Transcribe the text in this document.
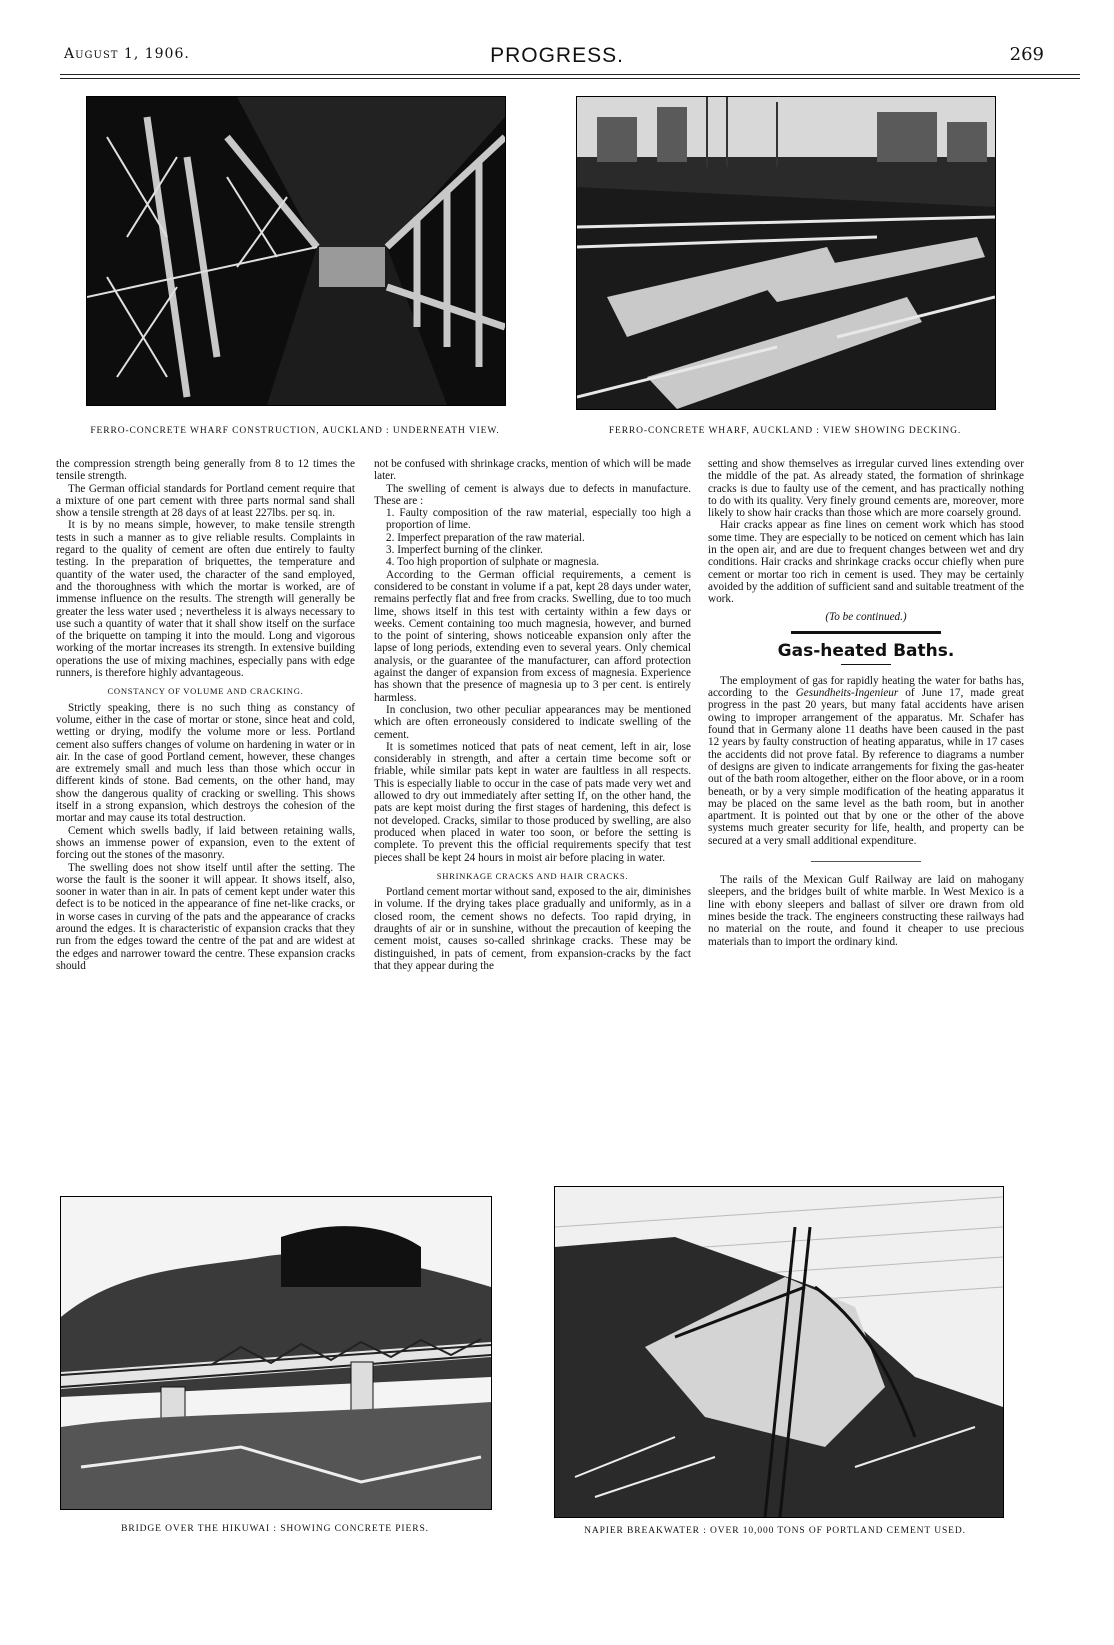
August 1, 1906.	PROGRESS.	269
FERRO-CONCRETE WHARF CONSTRUCTION, AUCKLAND : UNDERNEATH VIEW.	FERRO-CONCRETE WHARF, AUCKLAND : VIEW SHOWING DECKING.

the compression strength being generally from 8 to 12 times the tensile strength.

The German official standards for Portland cement require that a mixture of one part cement with three parts normal sand shall show a tensile strength at 28 days of at least 227lbs. per sq. in.

It is by no means simple, however, to make tensile strength tests in such a manner as to give reliable results. Complaints in regard to the quality of cement are often due entirely to faulty testing. In the preparation of briquettes, the temperature and quantity of the water used, the character of the sand employed, and the thoroughness with which the mortar is worked, are of immense influence on the results. The strength will generally be greater the less water used ; nevertheless it is always necessary to use such a quantity of water that it shall show itself on the surface of the briquette on tamping it into the mould. Long and vigorous working of the mortar increases its strength. In extensive building operations the use of mixing machines, especially pans with edge runners, is therefore highly advantageous.

CONSTANCY OF VOLUME AND CRACKING.

Strictly speaking, there is no such thing as constancy of volume, either in the case of mortar or stone, since heat and cold, wetting or drying, modify the volume more or less. Portland cement also suffers changes of volume on hardening in water or in air. In the case of good Portland cement, however, these changes are extremely small and much less than those which occur in different kinds of stone. Bad cements, on the other hand, may show the dangerous quality of cracking or swelling. This shows itself in a strong expansion, which destroys the cohesion of the mortar and may cause its total destruction.

Cement which swells badly, if laid between retaining walls, shows an immense power of expansion, even to the extent of forcing out the stones of the masonry.

The swelling does not show itself until after the setting. The worse the fault is the sooner it will appear. It shows itself, also, sooner in water than in air. In pats of cement kept under water this defect is to be noticed in the appearance of fine net-like cracks, or in worse cases in curving of the pats and the appearance of cracks around the edges. It is characteristic of expansion cracks that they run from the edges toward the centre of the pat and are widest at the edges and narrower toward the centre. These expansion cracks should

not be confused with shrinkage cracks, mention of which will be made later.

The swelling of cement is always due to defects in manufacture. These are :

1. Faulty composition of the raw material, especially too high a proportion of lime.

2. Imperfect preparation of the raw material.

3. Imperfect burning of the clinker.

4. Too high proportion of sulphate or magnesia.

According to the German official requirements, a cement is considered to be constant in volume if a pat, kept 28 days under water, remains perfectly flat and free from cracks. Swelling, due to too much lime, shows itself in this test with certainty within a few days or weeks. Cement containing too much magnesia, however, and burned to the point of sintering, shows noticeable expansion only after the lapse of long periods, extending even to several years. Only chemical analysis, or the guarantee of the manufacturer, can afford protection against the danger of expansion from excess of magnesia. Experience has shown that the presence of magnesia up to 3 per cent. is entirely harmless.

In conclusion, two other peculiar appearances may be mentioned which are often erroneously considered to indicate swelling of the cement.

It is sometimes noticed that pats of neat cement, left in air, lose considerably in strength, and after a certain time become soft or friable, while similar pats kept in water are faultless in all respects. This is especially liable to occur in the case of pats made very wet and allowed to dry out immediately after setting If, on the other hand, the pats are kept moist during the first stages of hardening, this defect is not developed. Cracks, similar to those produced by swelling, are also produced when placed in water too soon, or before the setting is complete. To prevent this the official requirements specify that test pieces shall be kept 24 hours in moist air before placing in water.

SHRINKAGE CRACKS AND HAIR CRACKS.

Portland cement mortar without sand, exposed to the air, diminishes in volume. If the drying takes place gradually and uniformly, as in a closed room, the cement shows no defects. Too rapid drying, in draughts of air or in sunshine, without the precaution of keeping the cement moist, causes so-called shrinkage cracks. These may be distinguished, in pats of cement, from expansion-cracks by the fact that they appear during the

setting and show themselves as irregular curved lines extending over the middle of the pat. As already stated, the formation of shrinkage cracks is due to faulty use of the cement, and has practically nothing to do with its quality. Very finely ground cements are, moreover, more likely to show hair cracks than those which are more coarsely ground.

Hair cracks appear as fine lines on cement work which has stood some time. They are especially to be noticed on cement which has lain in the open air, and are due to frequent changes between wet and dry conditions. Hair cracks and shrinkage cracks occur chiefly when pure cement or mortar too rich in cement is used. They may be certainly avoided by the addition of sufficient sand and suitable treatment of the work.

(To be continued.)

Gas-heated Baths.

The employment of gas for rapidly heating the water for baths has, according to the Gesundheits-Ingenieur of June 17, made great progress in the past 20 years, but many fatal accidents have arisen owing to improper arrangement of the apparatus. Mr. Schafer has found that in Germany alone 11 deaths have been caused in the past 12 years by faulty construction of heating apparatus, while in 17 cases the accidents did not prove fatal. By reference to diagrams a number of designs are given to indicate arrangements for fixing the gas-heater out of the bath room altogether, either on the floor above, or in a room beneath, or by a very simple modification of the heating apparatus it may be placed on the same level as the bath room, but in another apartment. It is pointed out that by one or the other of the above systems much greater security for life, health, and property can be secured at a very small additional expenditure.

The rails of the Mexican Gulf Railway are laid on mahogany sleepers, and the bridges built of white marble. In West Mexico is a line with ebony sleepers and ballast of silver ore drawn from old mines beside the track. The engineers constructing these railways had no material on the route, and found it cheaper to use precious materials than to import the ordinary kind.

BRIDGE OVER THE HIKUWAI : SHOWING CONCRETE PIERS.	NAPIER BREAKWATER : OVER 10,000 TONS OF PORTLAND CEMENT USED.
